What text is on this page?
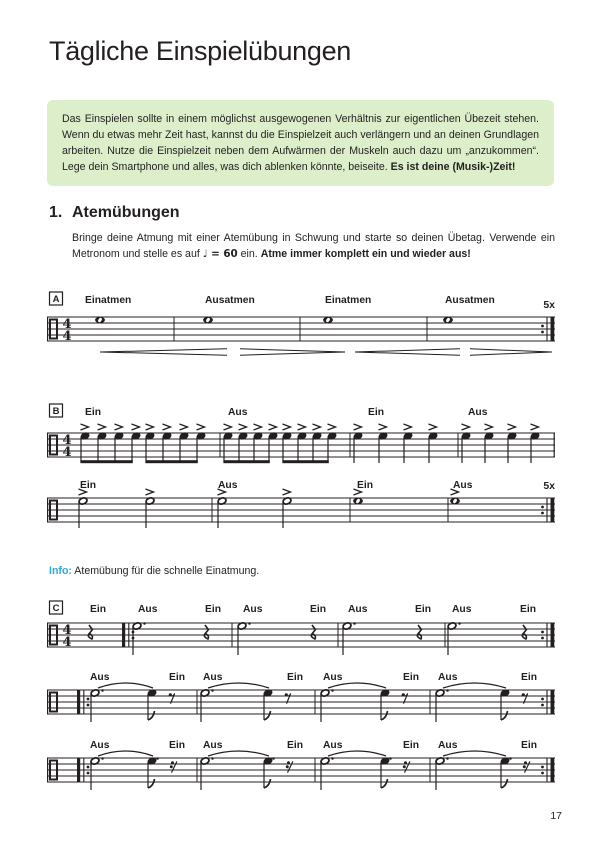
Tägliche Einspielübungen

Das Einspielen sollte in einem möglichst ausgewogenen Verhältnis zur eigentlichen Übezeit stehen. Wenn du etwas mehr Zeit hast, kannst du die Einspielzeit auch verlängern und an deinen Grundlagen arbeiten. Nutze die Einspielzeit neben dem Aufwärmen der Muskeln auch dazu um „anzukommen“. Lege dein Smartphone und alles, was dich ablenken könnte, beiseite. Es ist deine (Musik-)Zeit!

1. Atemübungen
Bringe deine Atmung mit einer Atemübung in Schwung und starte so deinen Übetag. Verwende ein Metronom und stelle es auf ♩ = 60 ein. Atme immer komplett ein und wieder aus!
Info: Atemübung für die schnelle Einatmung.
4
4
Einatmen	Ausatmen	Einatmen	Ausatmen	5x
A
4
4
Ein	Aus	Ein	Aus
B
Ein	Aus	Ein	Aus	5x
4
4
Ein	Aus	Ein Aus	Ein Aus	Ein Aus	Ein
C
Aus	Ein Aus	Ein Aus	Ein Aus	Ein
Aus	Ein Aus	Ein Aus	Ein Aus	Ein
17
